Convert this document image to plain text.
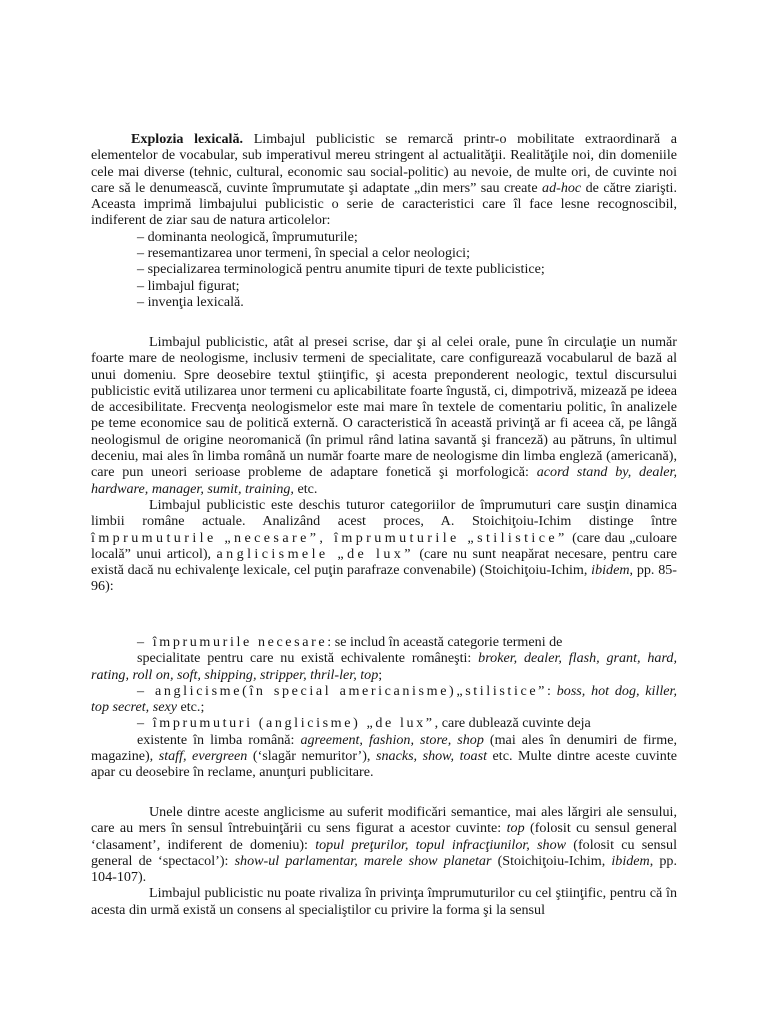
Explozia lexicală. Limbajul publicistic se remarcă printr-o mobilitate extraordinară a elementelor de vocabular, sub imperativul mereu stringent al actualităţii. Realităţile noi, din domeniile cele mai diverse (tehnic, cultural, economic sau social-politic) au nevoie, de multe ori, de cuvinte noi care să le denumească, cuvinte împrumutate şi adaptate „din mers” sau create ad-hoc de către ziarişti. Aceasta imprimă limbajului publicistic o serie de caracteristici care îl face lesne recognoscibil, indiferent de ziar sau de natura articolelor:

– dominanta neologică, împrumuturile;
– resemantizarea unor termeni, în special a celor neologici;
– specializarea terminologică pentru anumite tipuri de texte publicistice;
– limbajul figurat;
– invenţia lexicală.

Limbajul publicistic, atât al presei scrise, dar şi al celei orale, pune în circulaţie un număr foarte mare de neologisme, inclusiv termeni de specialitate, care configurează vocabularul de bază al unui domeniu. Spre deosebire textul ştiinţific, şi acesta preponderent neologic, textul discursului publicistic evită utilizarea unor termeni cu aplicabilitate foarte îngustă, ci, dimpotrivă, mizează pe ideea de accesibilitate. Frecvenţa neologismelor este mai mare în textele de comentariu politic, în analizele pe teme economice sau de politică externă. O caracteristică în această privinţă ar fi aceea că, pe lângă neologismul de origine neoromanică (în primul rând latina savantă şi franceză) au pătruns, în ultimul deceniu, mai ales în limba română un număr foarte mare de neologisme din limba engleză (americană), care pun uneori serioase probleme de adaptare fonetică şi morfologică: acord stand by, dealer, hardware, manager, sumit, training, etc.

Limbajul publicistic este deschis tuturor categoriilor de împrumuturi care susţin dinamica limbii române actuale. Analizând acest proces, A. Stoichiţoiu-Ichim distinge între împrumuturile „necesare”, împrumuturile „stilistice” (care dau „culoare locală” unui articol), anglicismele „de lux” (care nu sunt neapărat necesare, pentru care există dacă nu echivalenţe lexicale, cel puţin parafraze convenabile) (Stoichiţoiu-Ichim, ibidem, pp. 85-96):

– împrumurile necesare: se includ în această categorie termeni de

specialitate pentru care nu există echivalente româneşti: broker, dealer, flash, grant, hard, rating, roll on, soft, shipping, stripper, thril-ler, top;

– anglicisme(în special americanisme)„stilistice”: boss, hot dog, killer, top secret, sexy etc.;

– împrumuturi (anglicisme) „de lux”, care dublează cuvinte deja

existente în limba română: agreement, fashion, store, shop (mai ales în denumiri de firme, magazine), staff, evergreen (‘slagăr nemuritor’), snacks, show, toast etc. Multe dintre aceste cuvinte apar cu deosebire în reclame, anunţuri publicitare.

Unele dintre aceste anglicisme au suferit modificări semantice, mai ales lărgiri ale sensului, care au mers în sensul întrebuinţării cu sens figurat a acestor cuvinte: top (folosit cu sensul general ‘clasament’, indiferent de domeniu): topul preţurilor, topul infracţiunilor, show (folosit cu sensul general de ‘spectacol’): show-ul parlamentar, marele show planetar (Stoichiţoiu-Ichim, ibidem, pp. 104-107).

Limbajul publicistic nu poate rivaliza în privinţa împrumuturilor cu cel ştiinţific, pentru că în acesta din urmă există un consens al specialiştilor cu privire la forma şi la sensul
